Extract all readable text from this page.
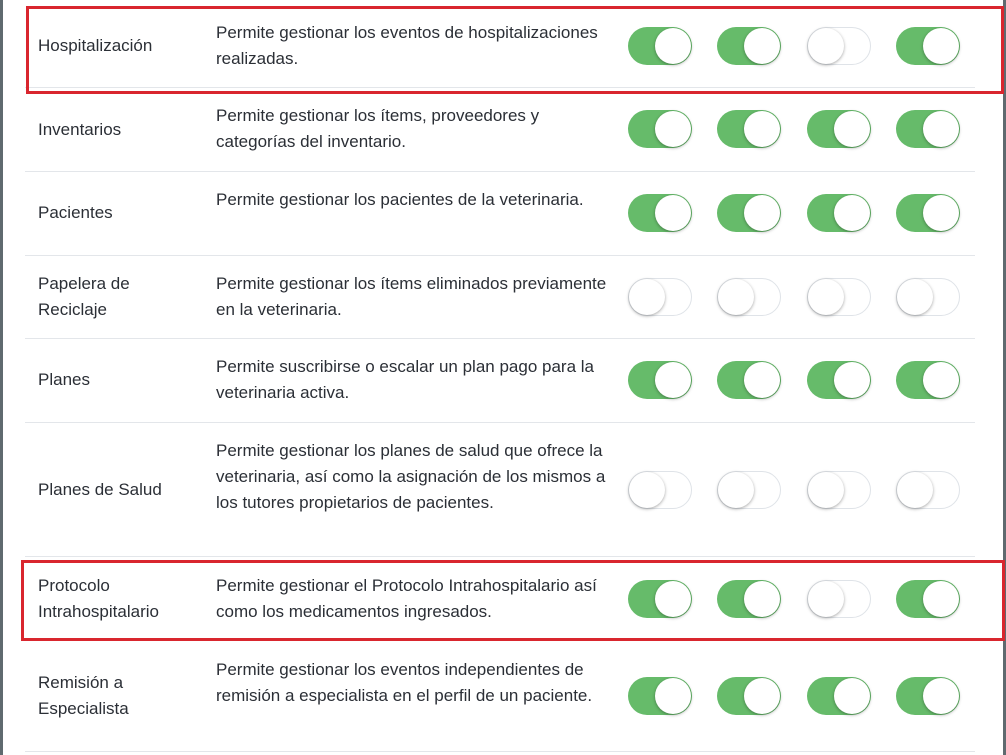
Hospitalización
Permite gestionar los eventos de hospitalizaciones realizadas.
Inventarios
Permite gestionar los ítems, proveedores y categorías del inventario.
Pacientes
Permite gestionar los pacientes de la veterinaria.
Papelera de Reciclaje
Permite gestionar los ítems eliminados previamente en la veterinaria.
Planes
Permite suscribirse o escalar un plan pago para la veterinaria activa.
Planes de Salud
Permite gestionar los planes de salud que ofrece la veterinaria, así como la asignación de los mismos a los tutores propietarios de pacientes.
Protocolo Intrahospitalario
Permite gestionar el Protocolo Intrahospitalario así como los medicamentos ingresados.
Remisión a Especialista
Permite gestionar los eventos independientes de remisión a especialista en el perfil de un paciente.
